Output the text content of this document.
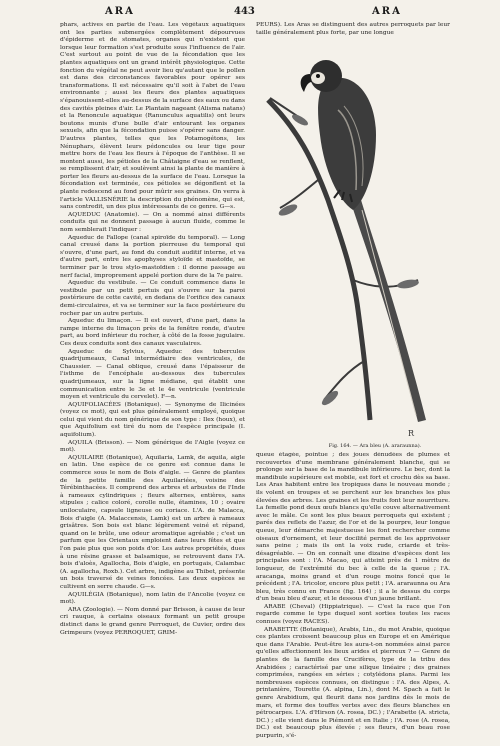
ARA	443	ARA

phars, actives en partie de l'eau. Les végétaux aquatiques ont les parties submergées complètement dépourvues d'épiderme et de stomates, organes qui n'existent que lorsque leur formation s'est produite sous l'influence de l'air. C'est surtout au point de vue de la fécondation que les plantes aquatiques ont un grand intérêt physiologique. Cette fonction du végétal ne peut avoir lieu qu'autant que le pollen est dans des circonstances favorables pour opérer ses transformations. Il est nécessaire qu'il soit à l'abri de l'eau environnante ; aussi les fleurs des plantes aquatiques s'épanouissent-elles au-dessus de la surface des eaux ou dans des cavités pleines d'air. Le Plantain nageant (Alisma natans) et la Renoncule aquatique (Ranunculus aquatilis) ont leurs boutons munis d'une bulle d'air entourant les organes sexuels, afin que la fécondation puisse s'opérer sans danger. D'autres plantes, telles que les Potamogétons, les Nénuphars, élèvent leurs pédoncules ou leur tige pour mettre hors de l'eau les fleurs à l'époque de l'anthèse. Il se montent aussi, les pétioles de la Châtaigne d'eau se renflent, se remplissent d'air, et soulèvent ainsi la plante de manière à porter les fleurs au-dessus de la surface de l'eau. Lorsque la fécondation est terminée, ces pétioles se dégonflent et la plante redescend au fond pour mûrir ses graines. On verra à l'article VALLISNÉRIE la description du phénomène, qui est, sans contredit, un des plus intéressants de ce genre. G—s.

AQUEDUC (Anatomie). — On a nommé ainsi différents conduits qui ne donnent passage à aucun fluide, comme le nom semblerait l'indiquer :

Aqueduc de Fallope (canal spiroïde du temporal). — Long canal creusé dans la portion pierreuse du temporal qui s'ouvre, d'une part, au fond du conduit auditif interne, et va d'autre part, entre les apophyses styloïde et mastoïde, se terminer par le trou stylo-mastoïdien : il donne passage au nerf facial, improprement appelé portion dure de la 7e paire.

Aqueduc du vestibule. — Ce conduit commence dans le vestibule par un petit pertuis qui s'ouvre sur la paroi postérieure de cette cavité, en dedans de l'orifice des canaux demi-circulaires, et va se terminer sur la face postérieure du rocher par un autre pertuis.

Aqueduc du limaçon. — Il est ouvert, d'une part, dans la rampe interne du limaçon près de la fenêtre ronde, d'autre part, au bord inférieur du rocher, à côté de la fosse jugulaire. Ces deux conduits sont des canaux vasculaires.

Aqueduc de Sylvius, Aqueduc des tubercules quadrijumeaux, Canal intermédiaire des ventricules, de Chaussier. — Canal oblique, creusé dans l'épaisseur de l'isthme de l'encéphale au-dessous des tubercules quadrijumeaux, sur la ligne médiane, qui établit une communication entre le 3e et le 4e ventricule (ventricule moyen et ventricule du cervelet). F—n.

AQUIFOLIACÉES (Botanique). — Synonyme de Ilicinées (voyez ce mot), qui est plus généralement employé, quoique celui qui vient du nom générique de son type : Ilex (houx), et que Aquifolium est tiré du nom de l'espèce principale (I. aquifolium).

AQUILA (Brisson). — Nom générique de l'Aigle (voyez ce mot).

AQUILAIRE (Botanique), Aquilaria, Lamk, de aquila, aigle en latin. Une espèce de ce genre est connue dans le commerce sous le nom de Bois d'aigle. — Genre de plantes de la petite famille des Aquilariées, voisine des Térébinthacées. Il comprend des arbres et arbustes de l'Inde à rameaux cylindriques ; fleurs alternes, entières, sans stipules ; calice coloré, corolle nulle, étamines, 10 ; ovaire uniloculaire, capsule ligneuse ou coriace. L'A. de Malacca, Bois d'aigle (A. Malaccensis, Lamk) est un arbre à rameaux grisâtres. Son bois est blanc légèrement veiné et répand, quand on le brûle, une odeur aromatique agréable ; c'est un parfum que les Orientaux emploient dans leurs fêtes et que l'on paie plus que son poids d'or. Les autres propriétés, dues à une résine grasse et balsamique, se retrouvent dans l'A. bois d'aloès, Agallocha, Bois d'aigle, en portugais, Calambac (A. agallocha, Roxb.). Cet arbre, indigène au Thibet, présente un bois traversé de veines foncées. Les deux espèces se cultivent en serre chaude. G—s.

AQUILÉGIA (Botanique), nom latin de l'Ancolie (voyez ce mot).

ARA (Zoologie). — Nom donné par Brisson, à cause de leur cri rauque, à certains oiseaux formant un petit groupe distinct dans le grand genre Perroquet, de Cuvier, ordre des Grimpeurs (voyez PERROQUET, GRIM-

PEURS). Les Aras se distinguent des autres perroquets par leur taille généralement plus forte, par une longue

R
Fig. 164. — Ara bleu (A. araraunna).

queue étagée, pointue ; des joues dénudées de plumes et recouvertes d'une membrane généralement blanche, qui se prolonge sur la base de la mandibule inférieure. Le bec, dont la mandibule supérieure est mobile, est fort et crochu dès sa base. Les Aras habitent entre les tropiques dans le nouveau monde ; ils volent en troupes et se perchent sur les branches les plus élevées des arbres. Les graines et les fruits font leur nourriture. La femelle pond deux œufs blancs qu'elle couve alternativement avec le mâle. Ce sont les plus beaux perroquets qui existent ; parés des reflets de l'azur, de l'or et de la pourpre, leur longue queue, leur démarche majestueuse les font rechercher comme oiseaux d'ornement, et leur docilité permet de les apprivoiser sans peine ; mais ils ont la voix rude, criarde et très-désagréable. — On en connaît une dizaine d'espèces dont les principales sont : l'A. Macao, qui atteint près de 1 mètre de longueur, de l'extrémité du bec à celle de la queue ; l'A. aracanga, moins grand et d'un rouge moins foncé que le précédent ; l'A. tricolor, encore plus petit ; l'A. araraunna ou Ara bleu, très connu en France (fig. 164) ; il a le dessus du corps d'un beau bleu d'azur, et le dessous d'un jaune brillant.

ARABE (Cheval) (Hippiatrique). — C'est la race que l'on regarde comme le type duquel sont sorties toutes les races connues (voyez RACES).

ARABETTE (Botanique), Arabis, Lin., du mot Arabie, quoique ces plantes croissent beaucoup plus en Europe et en Amérique que dans l'Arabie. Peut-être les aura-t-on nommées ainsi parce qu'elles affectionnent les lieux arides et pierreux ? — Genre de plantes de la famille des Crucifères, type de la tribu des Arabidées ; caractérisé par une silique linéaire ; des graines comprimées, rangées en séries ; cotylédons plans. Parmi les nombreuses espèces connues, on distingue : l'A. des Alpes, A. printanière, Tourette (A. alpina, Lin.), dont M. Spach a fait le genre Arabidium, qui fleurit dans nos jardins dès le mois de mars, et forme des touffes vertes avec des fleurs blanches en pétrocarpes. L'A. d'Hirson (A. rosea, DC.) ; l'Arabette (A. stricta, DC.) ; elle vient dans le Piémont et en Italie ; l'A. rose (A. rosea, DC.) est beaucoup plus élevée ; ses fleurs, d'un beau rose purpurin, s'é-
